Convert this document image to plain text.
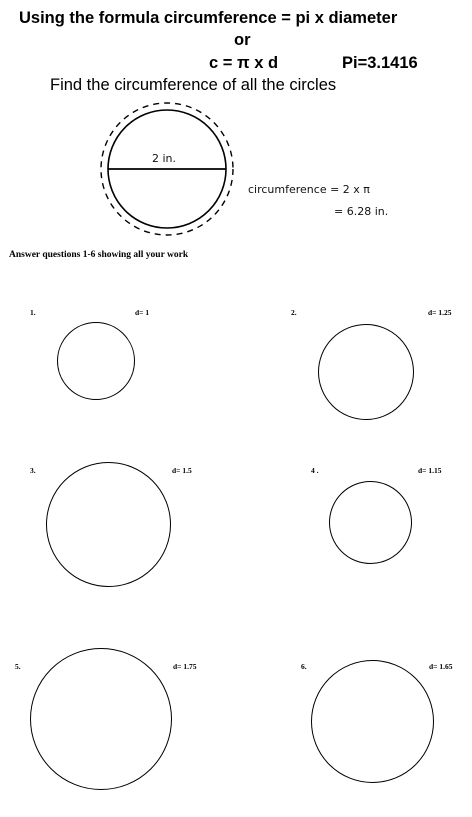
Using the formula circumference = pi x diameter
or
c = π x d	Pi=3.1416
Find the circumference of all the circles
2 in.
circumference = 2 x π
= 6.28 in.
Answer questions 1-6 showing all your work
1.	d= 1	2.	d= 1.25
3.	d= 1.5	4 .	d= 1.15
5.	d= 1.75	6.	d= 1.65
